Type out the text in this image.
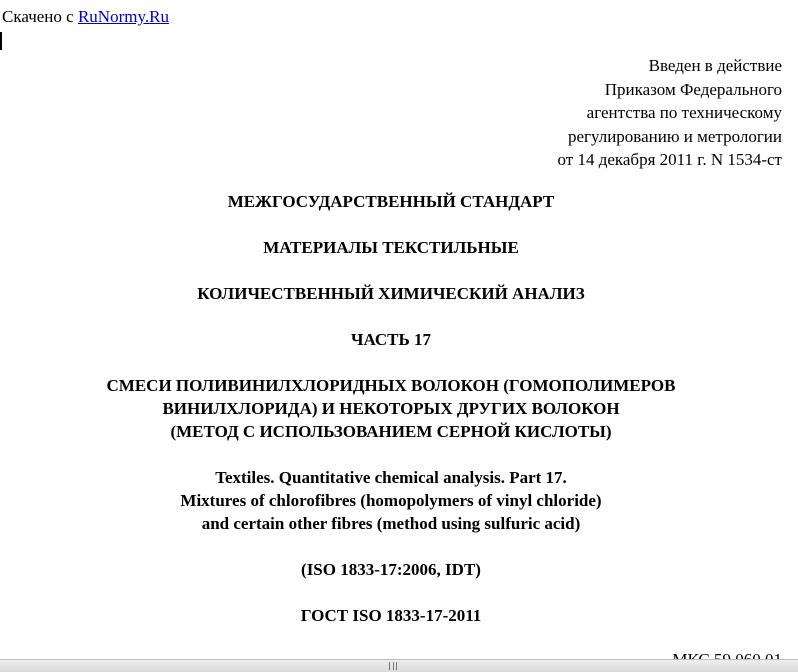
Скачено с RuNormy.Ru
Введен в действие
Приказом Федерального
агентства по техническому
регулированию и метрологии
от 14 декабря 2011 г. N 1534-ст
МЕЖГОСУДАРСТВЕННЫЙ СТАНДАРТ
МАТЕРИАЛЫ ТЕКСТИЛЬНЫЕ
КОЛИЧЕСТВЕННЫЙ ХИМИЧЕСКИЙ АНАЛИЗ
ЧАСТЬ 17
СМЕСИ ПОЛИВИНИЛХЛОРИДНЫХ ВОЛОКОН (ГОМОПОЛИМЕРОВ
ВИНИЛХЛОРИДА) И НЕКОТОРЫХ ДРУГИХ ВОЛОКОН
(МЕТОД С ИСПОЛЬЗОВАНИЕМ СЕРНОЙ КИСЛОТЫ)
Textiles. Quantitative chemical analysis. Part 17.
Mixtures of chlorofibres (homopolymers of vinyl chloride)
and certain other fibres (method using sulfuric acid)
(ISO 1833-17:2006, IDT)
ГОСТ ISO 1833-17-2011
